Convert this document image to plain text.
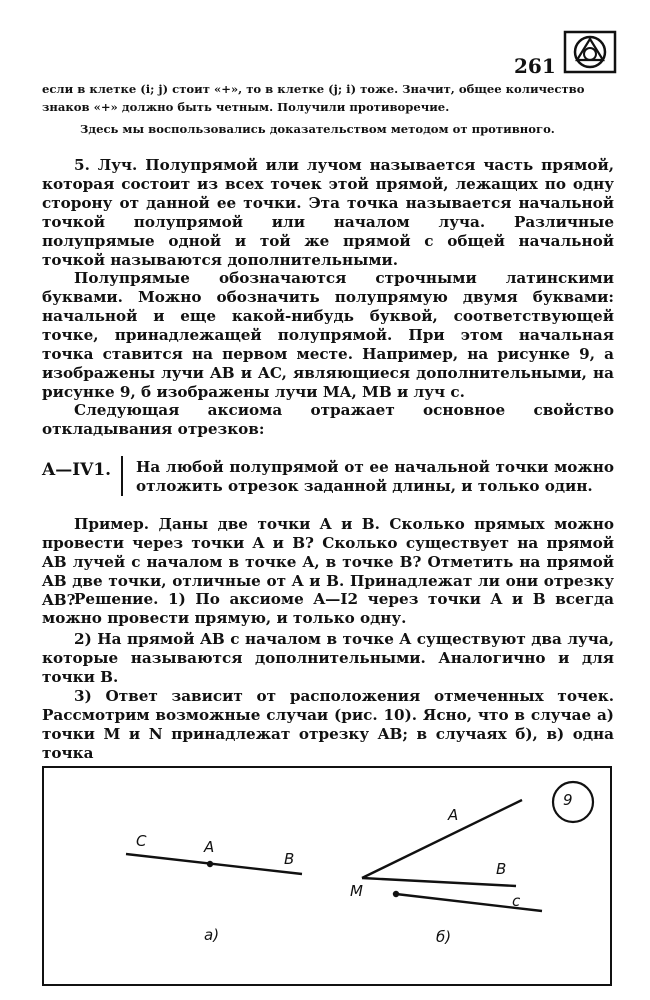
261
если в клетке (i; j) стоит «+», то в клетке (j; i) тоже. Значит, общее количество
знаков «+» должно быть четным. Получили противоречие.
Здесь мы воспользовались доказательством методом от противного.
5. Луч. Полупрямой или лучом называется часть прямой, которая состоит из всех точек этой прямой, лежащих по одну сторону от данной ее точки. Эта точка называется начальной точкой полупрямой или началом луча. Различные полупрямые одной и той же прямой с общей начальной точкой называются дополнительными.
Полупрямые обозначаются строчными латинскими буквами. Можно обозначить полупрямую двумя буквами: начальной и еще какой-нибудь буквой, соответствующей точке, принадлежащей полупрямой. При этом начальная точка ставится на первом месте. Например, на рисунке 9, а изображены лучи AB и AC, являющиеся дополнительными, на рисунке 9, б изображены лучи MA, MB и луч c.
Следующая аксиома отражает основное свойство откладывания отрезков:
A—IV1. На любой полупрямой от ее начальной точки можно отложить отрезок заданной длины, и только один.
Пример. Даны две точки A и B. Сколько прямых можно провести через точки A и B? Сколько существует на прямой AB лучей с началом в точке A, в точке B? Отметить на прямой AB две точки, отличные от A и B. Принадлежат ли они отрезку AB?
Решение. 1) По аксиоме A—I2 через точки A и B всегда можно провести прямую, и только одну.
2) На прямой AB с началом в точке A существуют два луча, которые называются дополнительными. Аналогично и для точки B.
3) Ответ зависит от расположения отмеченных точек. Рассмотрим возможные случаи (рис. 10). Ясно, что в случае а) точки M и N принадлежат отрезку AB; в случаях б), в) одна точка
9
C	A
B
а)
A
B
M
c
б)
